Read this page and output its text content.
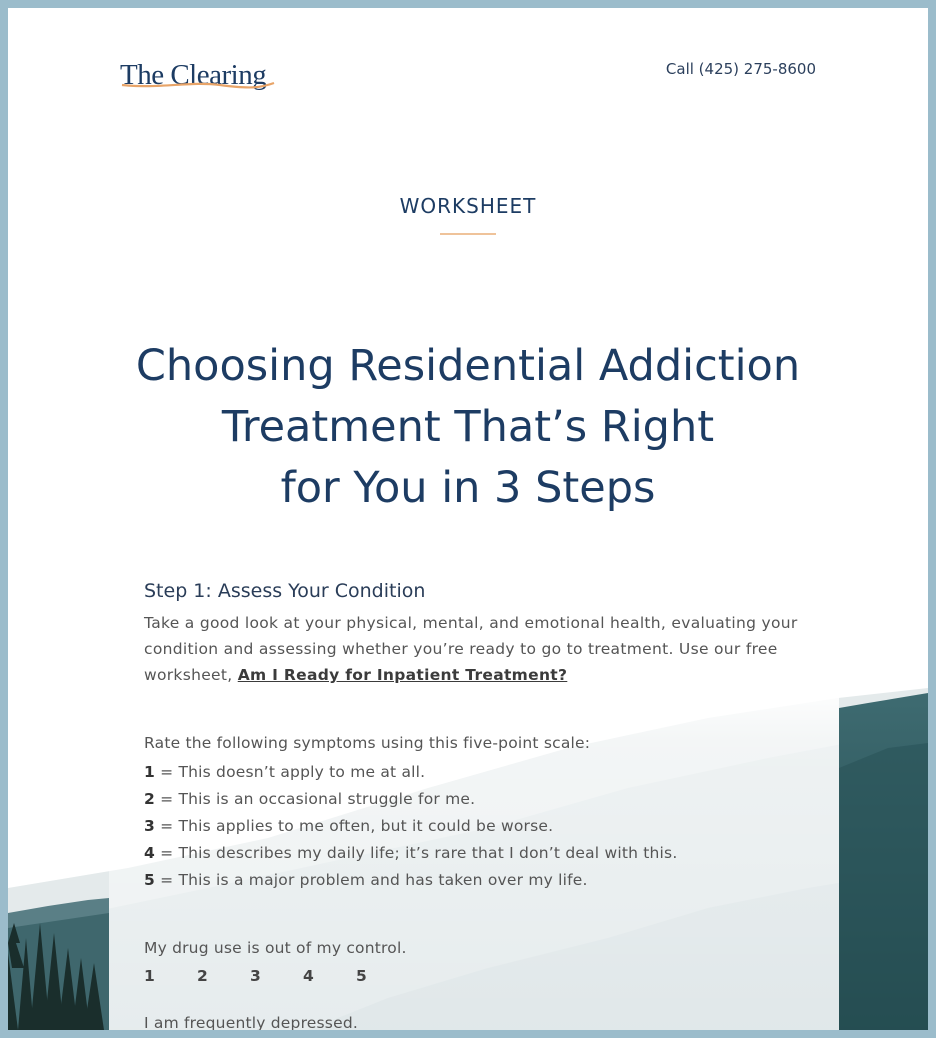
The Clearing	Call (425) 275-8600
WORKSHEET
Choosing Residential Addiction
Treatment That’s Right
for You in 3 Steps
Step 1: Assess Your Condition
Take a good look at your physical, mental, and emotional health, evaluating your condition and assessing whether you’re ready to go to treatment. Use our free worksheet, Am I Ready for Inpatient Treatment?
Rate the following symptoms using this five-point scale:
1 = This doesn’t apply to me at all.
2 = This is an occasional struggle for me.
3 = This applies to me often, but it could be worse.
4 = This describes my daily life; it’s rare that I don’t deal with this.
5 = This is a major problem and has taken over my life.
My drug use is out of my control.
1	2	3	4	5
I am frequently depressed.
